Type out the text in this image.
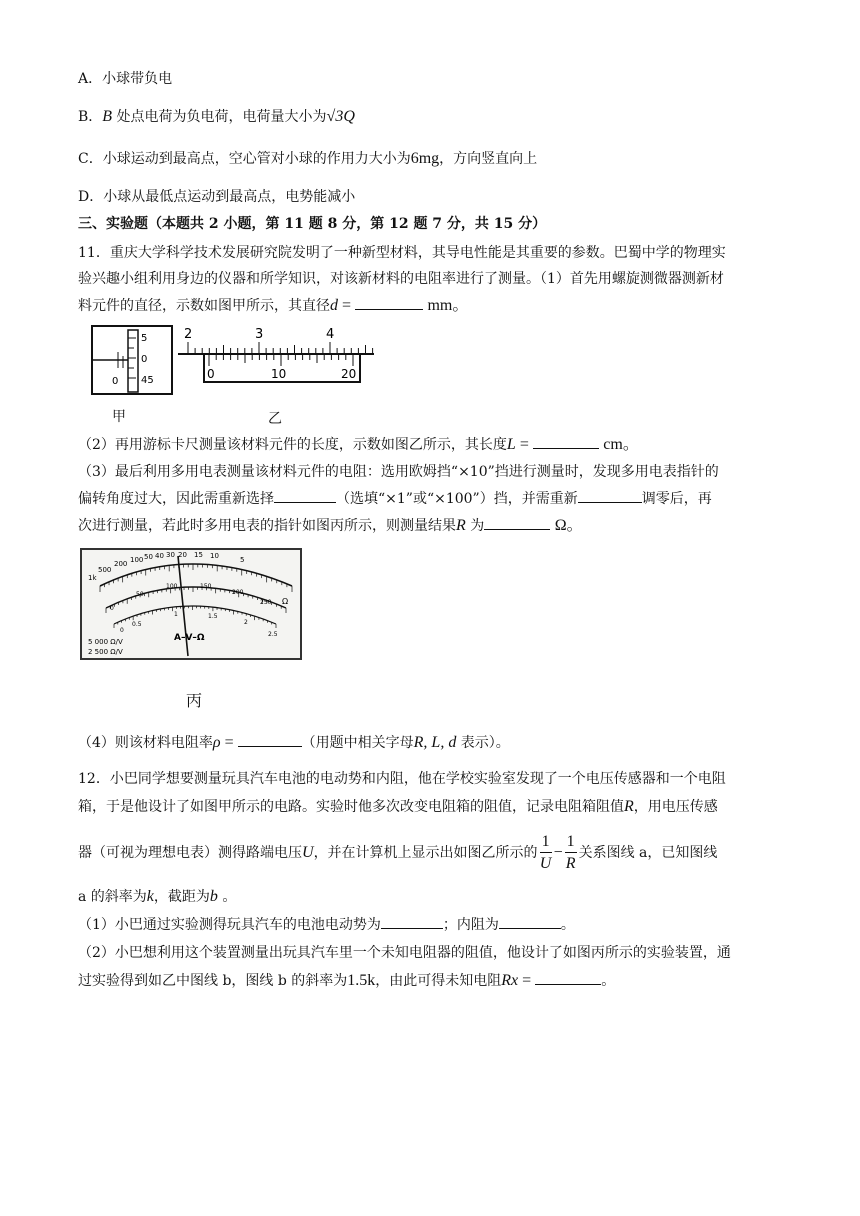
A．小球带负电
B．B 处点电荷为负电荷，电荷量大小为√3Q
C．小球运动到最高点，空心管对小球的作用力大小为6mg，方向竖直向上
D．小球从最低点运动到最高点，电势能减小
三、实验题（本题共 2 小题，第 11 题 8 分，第 12 题 7 分，共 15 分）
11．重庆大学科学技术发展研究院发明了一种新型材料，其导电性能是其重要的参数。巴蜀中学的物理实
验兴趣小组利用身边的仪器和所学知识，对该新材料的电阻率进行了测量。（1）首先用螺旋测微器测新材
料元件的直径，示数如图甲所示，其直径d =	mm。
5
0
45
0
甲
2	3	4
0	10	20
乙
（2）再用游标卡尺测量该材料元件的长度，示数如图乙所示，其长度L =	cm。
（3）最后利用多用电表测量该材料元件的电阻：选用欧姆挡“×10”挡进行测量时，发现多用电表指针的
偏转角度过大，因此需重新选择	（选填“×1”或“×100”）挡，并需重新	调零后，再
次进行测量，若此时多用电表的指针如图丙所示，则测量结果R 为	Ω。
1k
500
200 100 50 40 30 20 15 10	5
Ω
0
50
100	150
200
250
0
0.5
1	1.5
2
2.5
A–V–Ω
5 000 Ω/V
2 500 Ω/V
丙
（4）则该材料电阻率ρ =	（用题中相关字母R, L, d 表示）。
12．小巴同学想要测量玩具汽车电池的电动势和内阻，他在学校实验室发现了一个电压传感器和一个电阻
箱，于是他设计了如图甲所示的电路。实验时他多次改变电阻箱的阻值，记录电阻箱阻值R，用电压传感
器（可视为理想电表）测得路端电压U，并在计算机上显示出如图乙所示的 $\frac{1}{U} - \frac{1}{R}$ 关系图线 a，已知图线
a 的斜率为k，截距为b 。
（1）小巴通过实验测得玩具汽车的电池电动势为	；内阻为	。
（2）小巴想利用这个装置测量出玩具汽车里一个未知电阻器的阻值，他设计了如图丙所示的实验装置，通
过实验得到如乙中图线 b，图线 b 的斜率为1.5k，由此可得未知电阻Rx =	。
